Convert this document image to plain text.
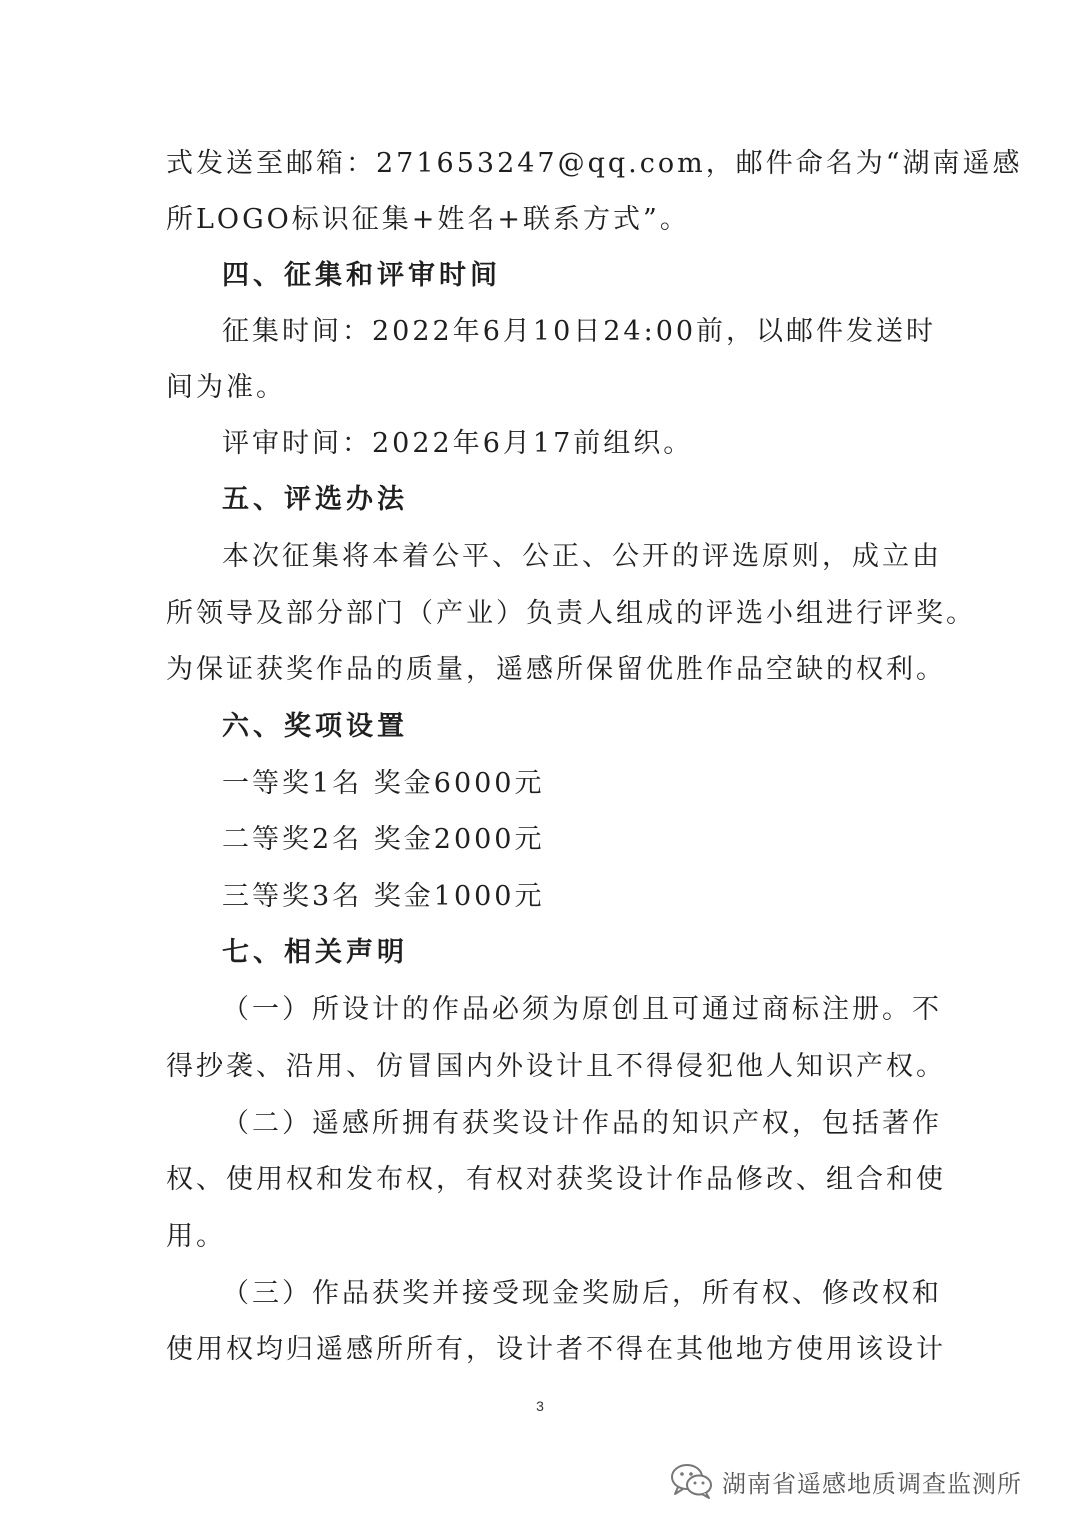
式发送至邮箱：271653247@qq.com，邮件命名为“湖南遥感
所LOGO标识征集+姓名+联系方式”。
四、征集和评审时间
征集时间：2022年6月10日24:00前，以邮件发送时
间为准。
评审时间：2022年6月17前组织。
五、评选办法
本次征集将本着公平、公正、公开的评选原则，成立由
所领导及部分部门（产业）负责人组成的评选小组进行评奖。
为保证获奖作品的质量，遥感所保留优胜作品空缺的权利。
六、奖项设置
一等奖1名 奖金6000元
二等奖2名 奖金2000元
三等奖3名 奖金1000元
七、相关声明
（一）所设计的作品必须为原创且可通过商标注册。不
得抄袭、沿用、仿冒国内外设计且不得侵犯他人知识产权。
（二）遥感所拥有获奖设计作品的知识产权，包括著作
权、使用权和发布权，有权对获奖设计作品修改、组合和使
用。
（三）作品获奖并接受现金奖励后，所有权、修改权和
使用权均归遥感所所有，设计者不得在其他地方使用该设计
3
湖南省遥感地质调查监测所
